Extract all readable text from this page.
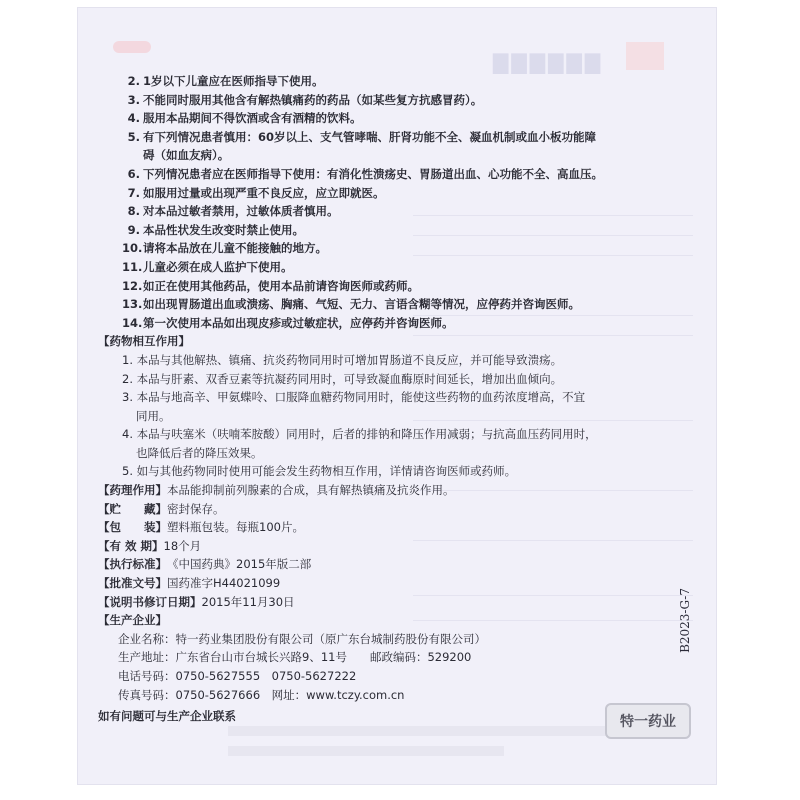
▇▇▇▇▇▇
2. 1岁以下儿童应在医师指导下使用。
3. 不能同时服用其他含有解热镇痛药的药品（如某些复方抗感冒药）。
4. 服用本品期间不得饮酒或含有酒精的饮料。
5. 有下列情况患者慎用：60岁以上、支气管哮喘、肝肾功能不全、凝血机制或血小板功能障
碍（如血友病）。
6. 下列情况患者应在医师指导下使用：有消化性溃疡史、胃肠道出血、心功能不全、高血压。
7. 如服用过量或出现严重不良反应，应立即就医。
8. 对本品过敏者禁用，过敏体质者慎用。
9. 本品性状发生改变时禁止使用。
10.请将本品放在儿童不能接触的地方。
11.儿童必须在成人监护下使用。
12.如正在使用其他药品，使用本品前请咨询医师或药师。
13.如出现胃肠道出血或溃疡、胸痛、气短、无力、言语含糊等情况，应停药并咨询医师。
14.第一次使用本品如出现皮疹或过敏症状，应停药并咨询医师。
【药物相互作用】
1. 本品与其他解热、镇痛、抗炎药物同用时可增加胃肠道不良反应，并可能导致溃疡。
2. 本品与肝素、双香豆素等抗凝药同用时，可导致凝血酶原时间延长，增加出血倾向。
3. 本品与地高辛、甲氨蝶呤、口服降血糖药物同用时，能使这些药物的血药浓度增高，不宜
同用。
4. 本品与呋塞米（呋喃苯胺酸）同用时，后者的排钠和降压作用减弱；与抗高血压药同用时，
也降低后者的降压效果。
5. 如与其他药物同时使用可能会发生药物相互作用，详情请咨询医师或药师。
【药理作用】本品能抑制前列腺素的合成，具有解热镇痛及抗炎作用。
【贮　　藏】密封保存。
【包　　装】塑料瓶包装。每瓶100片。
【有 效 期】18个月
【执行标准】《中国药典》2015年版二部
【批准文号】国药准字H44021099
【说明书修订日期】2015年11月30日
【生产企业】
企业名称：特一药业集团股份有限公司（原广东台城制药股份有限公司）
生产地址：广东省台山市台城长兴路9、11号　　 邮政编码：529200
电话号码：0750-5627555　0750-5627222
传真号码：0750-5627666　 网址：www.tczy.com.cn
如有问题可与生产企业联系
B2023-G-7
特一药业
